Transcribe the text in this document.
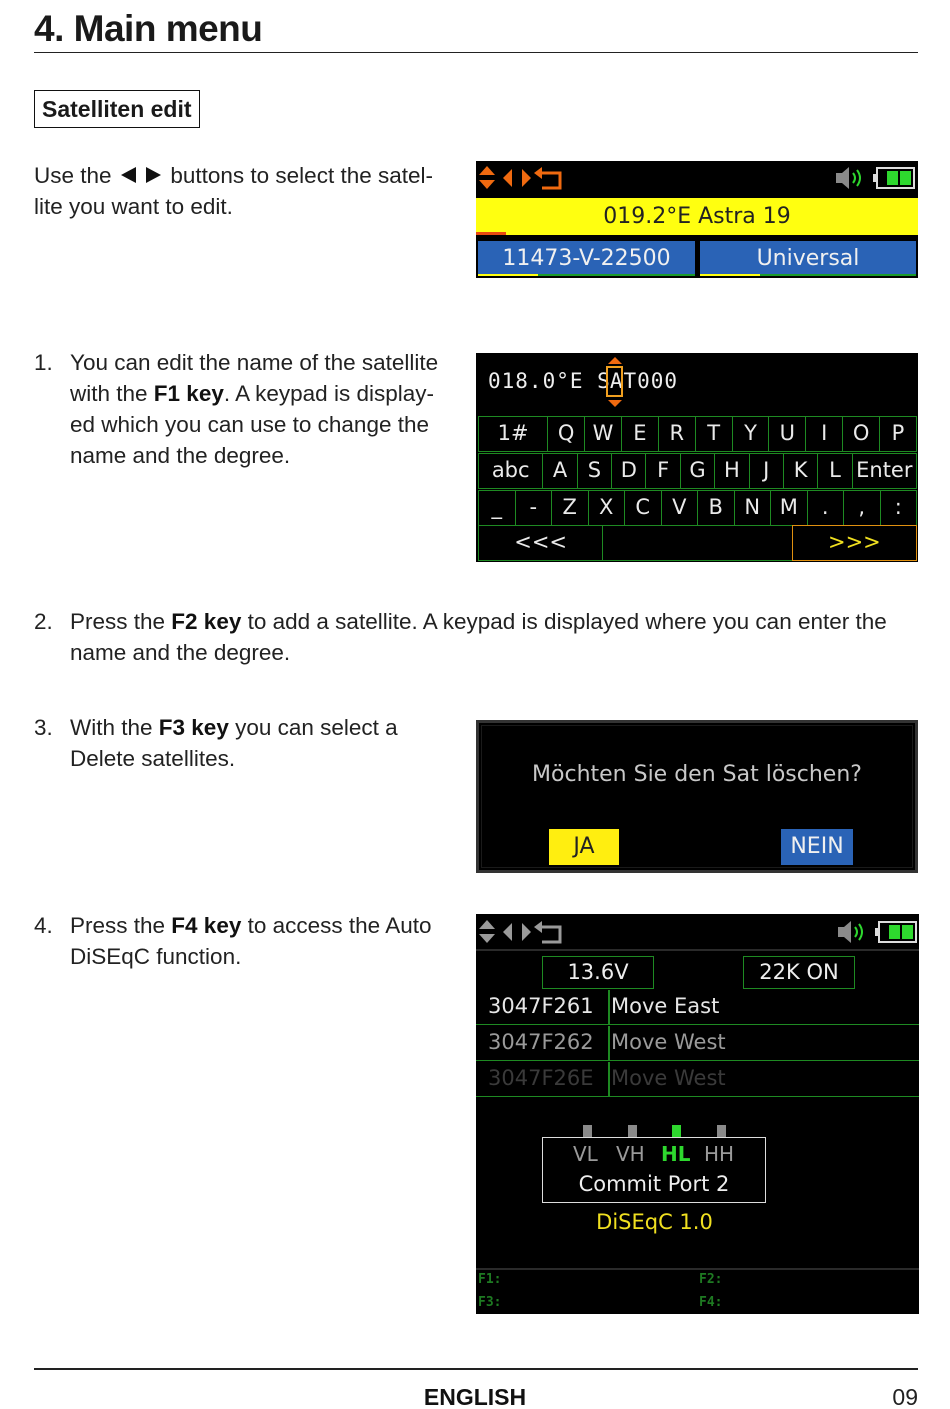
4. Main menu
Satelliten edit
Use the	buttons to select the satel-
lite you want to edit.	019.2°E Astra 19
11473-V-22500	Universal
1. You can edit the name of the satellite
with the F1 key. A keypad is display-
ed which you can use to change the
name and the degree.
018.0°E SAT000
1#	Q W E	R	T	Y	U	I	O	P
abc	A S D F G H	J	K	L Enter
_	-	Z	X	C	V	B	N M	.	,	:
<<<	>>>
2. Press the F2 key to add a satellite. A keypad is displayed where you can enter the
name and the degree.
3. With the F3 key you can select a
Delete satellites.
Möchten Sie den Sat löschen?
JA	NEIN
4. Press the F4 key to access the Auto
DiSEqC function.
13.6V	22K ON
3047F261 Move East
3047F262 Move West
3047F26E Move West
VL VH HL HH
Commit Port 2
DiSEqC 1.0
F1:	F2:
F3:	F4:
ENGLISH	09
